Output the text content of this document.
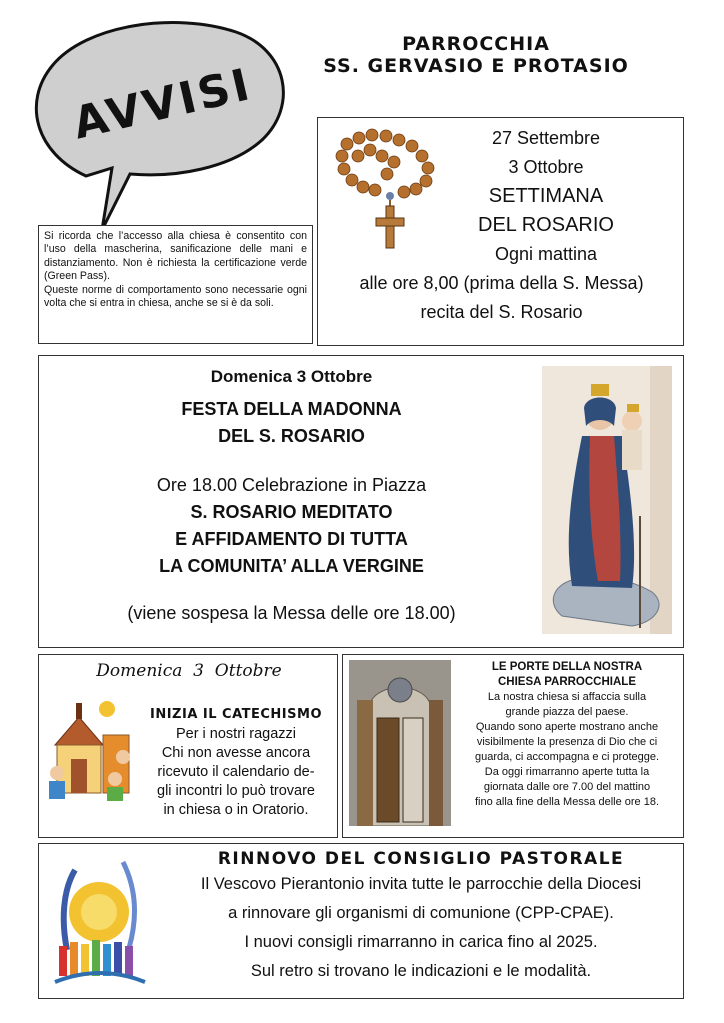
AVVISI
PARROCCHIA
SS. GERVASIO E PROTASIO
Si ricorda che l’accesso alla chiesa è consentito con l’uso della mascherina, sanificazione delle mani e distanziamento. Non è richiesta la certificazione verde (Green Pass).
Queste norme di comportamento sono necessarie ogni volta che si entra in chiesa, anche se si è da soli.
27 Settembre
3 Ottobre
SETTIMANA
DEL ROSARIO
Ogni mattina
alle ore 8,00 (prima della S. Messa)
recita del S. Rosario
Domenica 3 Ottobre
FESTA DELLA MADONNA
DEL S. ROSARIO
Ore 18.00 Celebrazione in Piazza
S. ROSARIO MEDITATO
E AFFIDAMENTO DI TUTTA
LA COMUNITA’ ALLA VERGINE
(viene sospesa la Messa delle ore 18.00)
Domenica  3  Ottobre
INIZIA IL CATECHISMO
Per i nostri ragazzi
Chi non avesse ancora
ricevuto il calendario de-
gli incontri lo può trovare
in chiesa o in Oratorio.
LE PORTE DELLA NOSTRA
CHIESA PARROCCHIALE
La nostra chiesa si affaccia sulla
grande piazza del paese.
Quando sono aperte mostrano anche
visibilmente la presenza di Dio che ci
guarda, ci accompagna e ci protegge.
Da oggi rimarranno aperte tutta la
giornata dalle ore 7.00 del mattino
fino alla fine della Messa delle ore 18.
RINNOVO DEL CONSIGLIO PASTORALE
Il Vescovo Pierantonio invita tutte le parrocchie della Diocesi
a rinnovare gli organismi di comunione (CPP-CPAE).
I nuovi consigli rimarranno in carica fino al 2025.
Sul retro si trovano le indicazioni e le modalità.
